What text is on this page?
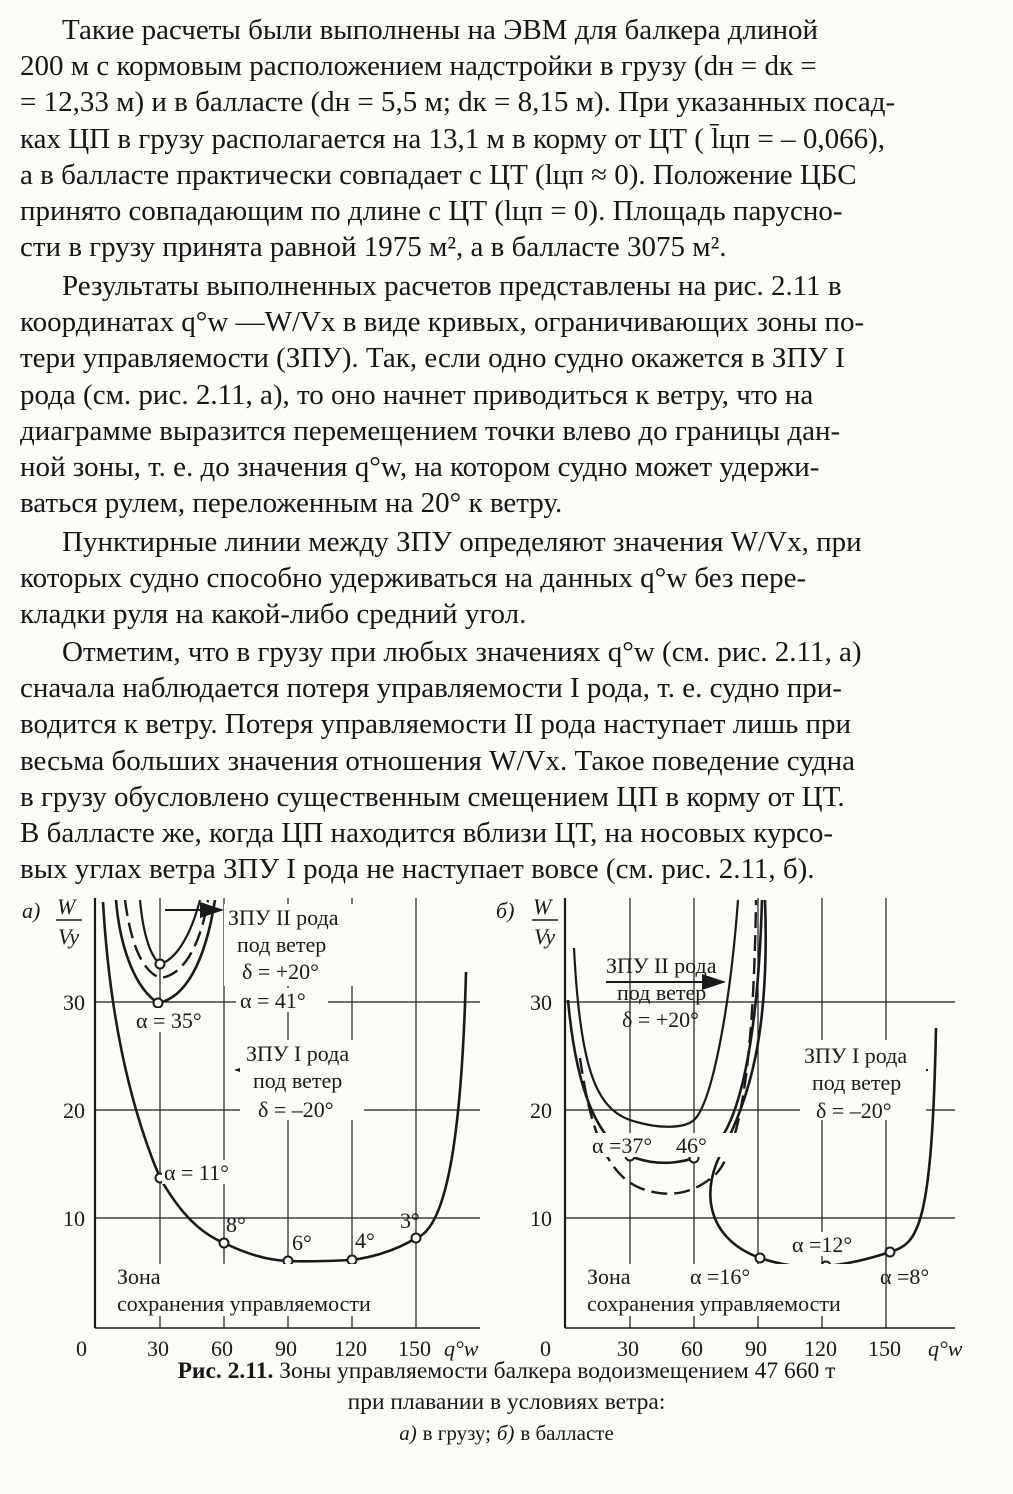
Такие расчеты были выполнены на ЭВМ для балкера длиной
200 м с кормовым расположением надстройки в грузу (dн = dк =
= 12,33 м) и в балласте (dн = 5,5 м; dк = 8,15 м). При указанных посад-
ках ЦП в грузу располагается на 13,1 м в корму от ЦТ ( l̄цп = – 0,066),
а в балласте практически совпадает с ЦТ (lцп ≈ 0). Положение ЦБС
принято совпадающим по длине с ЦТ (lцп = 0). Площадь парусно-
сти в грузу принята равной 1975 м², а в балласте 3075 м².
Результаты выполненных расчетов представлены на рис. 2.11 в
координатах q°w —W/Vx в виде кривых, ограничивающих зоны по-
тери управляемости (ЗПУ). Так, если одно судно окажется в ЗПУ I
рода (см. рис. 2.11, а), то оно начнет приводиться к ветру, что на
диаграмме выразится перемещением точки влево до границы дан-
ной зоны, т. е. до значения q°w, на котором судно может удержи-
ваться рулем, переложенным на 20° к ветру.
Пунктирные линии между ЗПУ определяют значения W/Vx, при
которых судно способно удерживаться на данных q°w без пере-
кладки руля на какой-либо средний угол.
Отметим, что в грузу при любых значениях q°w (см. рис. 2.11, а)
сначала наблюдается потеря управляемости I рода, т. е. судно при-
водится к ветру. Потеря управляемости II рода наступает лишь при
весьма больших значения отношения W/Vx. Такое поведение судна
в грузу обусловлено существенным смещением ЦП в корму от ЦТ.
В балласте же, когда ЦП находится вблизи ЦТ, на носовых курсо-
вых углах ветра ЗПУ I рода не наступает вовсе (см. рис. 2.11, б).
а) W
Vy
30
20
10
0	30 60 90 120 150 q°w
ЗПУ II рода
под ветер
δ = +20°
α = 41°
α = 35°
ЗПУ I рода
под ветер
δ = –20°
α = 11°
8°
6° 4°
3°
Зона
сохранения управляемости
б) W
Vy
30
20
10
0	30 60 90 120 150 q°w
ЗПУ II рода
под ветер
δ = +20°
ЗПУ I рода
под ветер
δ = –20°
α =37° 46°
α =12°
Зона	α =16°	α =8°
сохранения управляемости
Рис. 2.11. Зоны управляемости балкера водоизмещением 47 660 т
при плавании в условиях ветра:
а) в грузу; б) в балласте
